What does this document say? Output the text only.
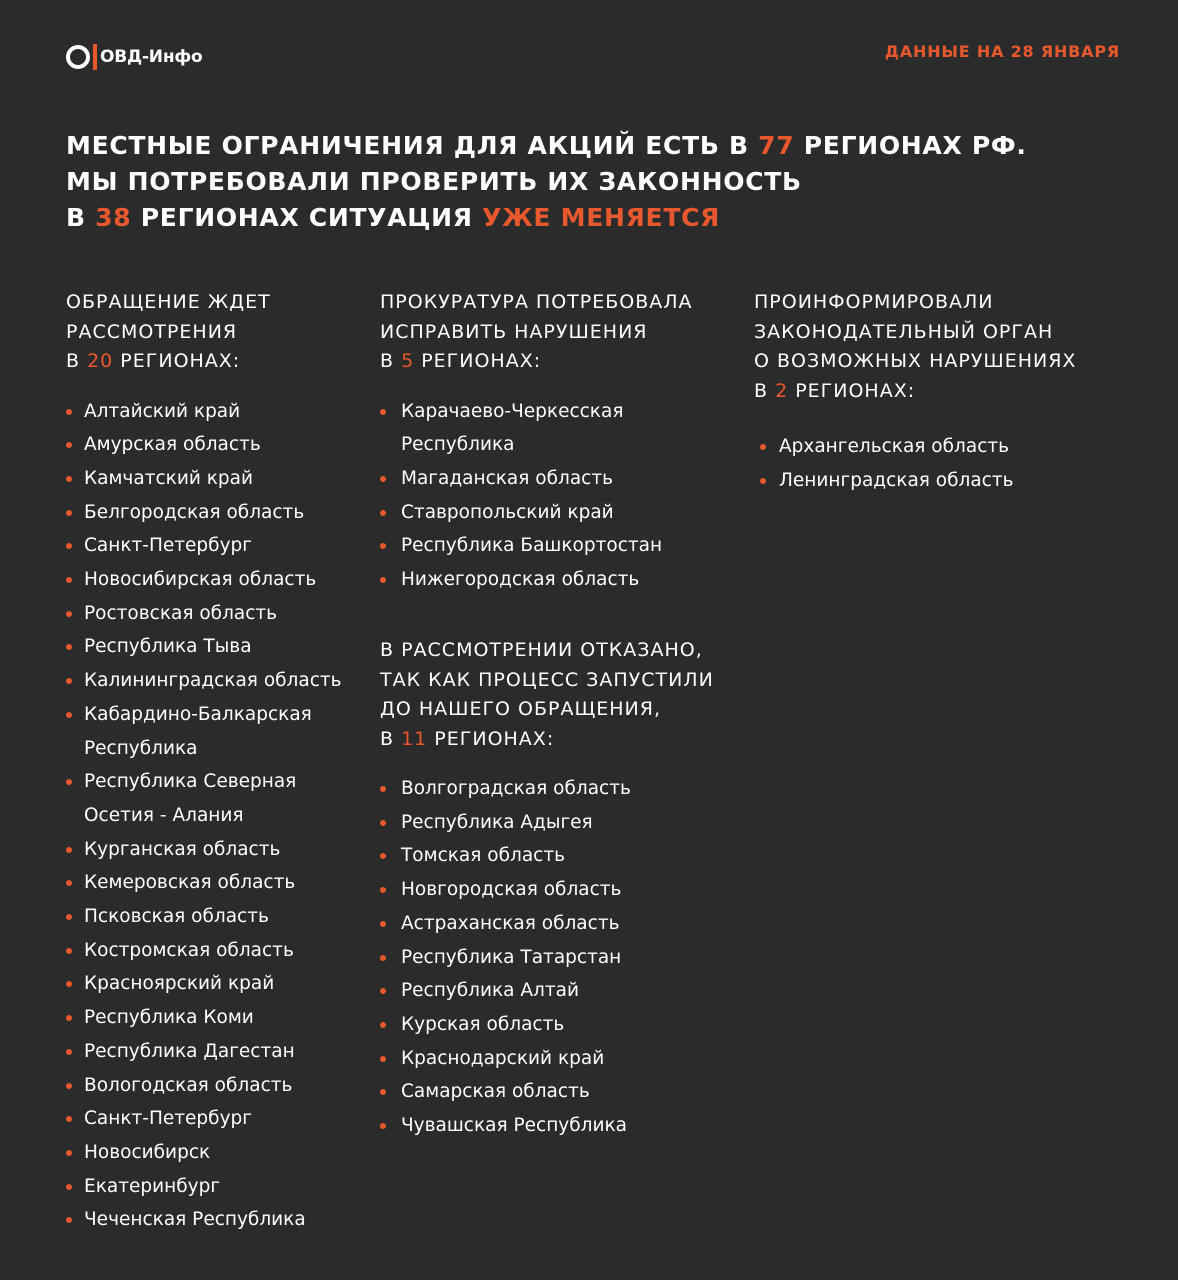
ОВД-Инфо	ДАННЫЕ НА 28 ЯНВАРЯ
МЕСТНЫЕ ОГРАНИЧЕНИЯ ДЛЯ АКЦИЙ ЕСТЬ В 77 РЕГИОНАХ РФ.
МЫ ПОТРЕБОВАЛИ ПРОВЕРИТЬ ИХ ЗАКОННОСТЬ
В 38 РЕГИОНАХ СИТУАЦИЯ УЖЕ МЕНЯЕТСЯ
ОБРАЩЕНИЕ ЖДЕТ
РАССМОТРЕНИЯ
В 20 РЕГИОНАХ:
Алтайский край
Амурская область
Камчатский край
Белгородская область
Санкт-Петербург
Новосибирская область
Ростовская область
Республика Тыва
Калининградская область
Кабардино-Балкарская
Республика
Республика Северная
Осетия - Алания
Курганская область
Кемеровская область
Псковская область
Костромская область
Красноярский край
Республика Коми
Республика Дагестан
Вологодская область
Санкт-Петербург
Новосибирск
Екатеринбург
Чеченская Республика
ПРОКУРАТУРА ПОТРЕБОВАЛА
ИСПРАВИТЬ НАРУШЕНИЯ
В 5 РЕГИОНАХ:
Карачаево-Черкесская
Республика
Магаданская область
Ставропольский край
Республика Башкортостан
Нижегородская область
В РАССМОТРЕНИИ ОТКАЗАНО,
ТАК КАК ПРОЦЕСС ЗАПУСТИЛИ
ДО НАШЕГО ОБРАЩЕНИЯ,
В 11 РЕГИОНАХ:
Волгоградская область
Республика Адыгея
Томская область
Новгородская область
Астраханская область
Республика Татарстан
Республика Алтай
Курская область
Краснодарский край
Самарская область
Чувашская Республика
ПРОИНФОРМИРОВАЛИ
ЗАКОНОДАТЕЛЬНЫЙ ОРГАН
О ВОЗМОЖНЫХ НАРУШЕНИЯХ
В 2 РЕГИОНАХ:
Архангельская область
Ленинградская область
